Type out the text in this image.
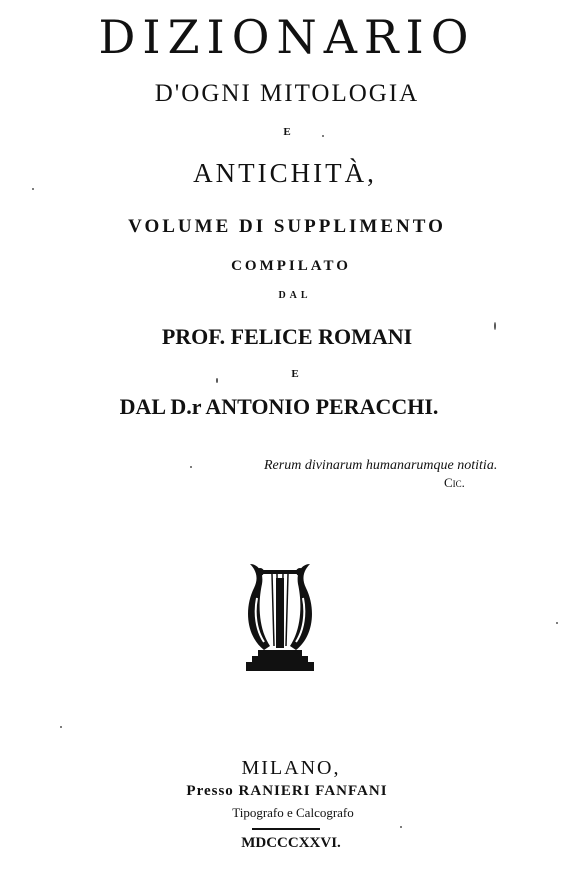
DIZIONARIO
D'OGNI MITOLOGIA
E
ANTICHITÀ,
VOLUME DI SUPPLIMENTO
COMPILATO
DAL
PROF. FELICE ROMANI
E
DAL D.r ANTONIO PERACCHI.
Rerum divinarum humanarumque notitia.
Cic.
MILANO,
Presso RANIERI FANFANI
Tipografo e Calcografo
MDCCCXXVI.
